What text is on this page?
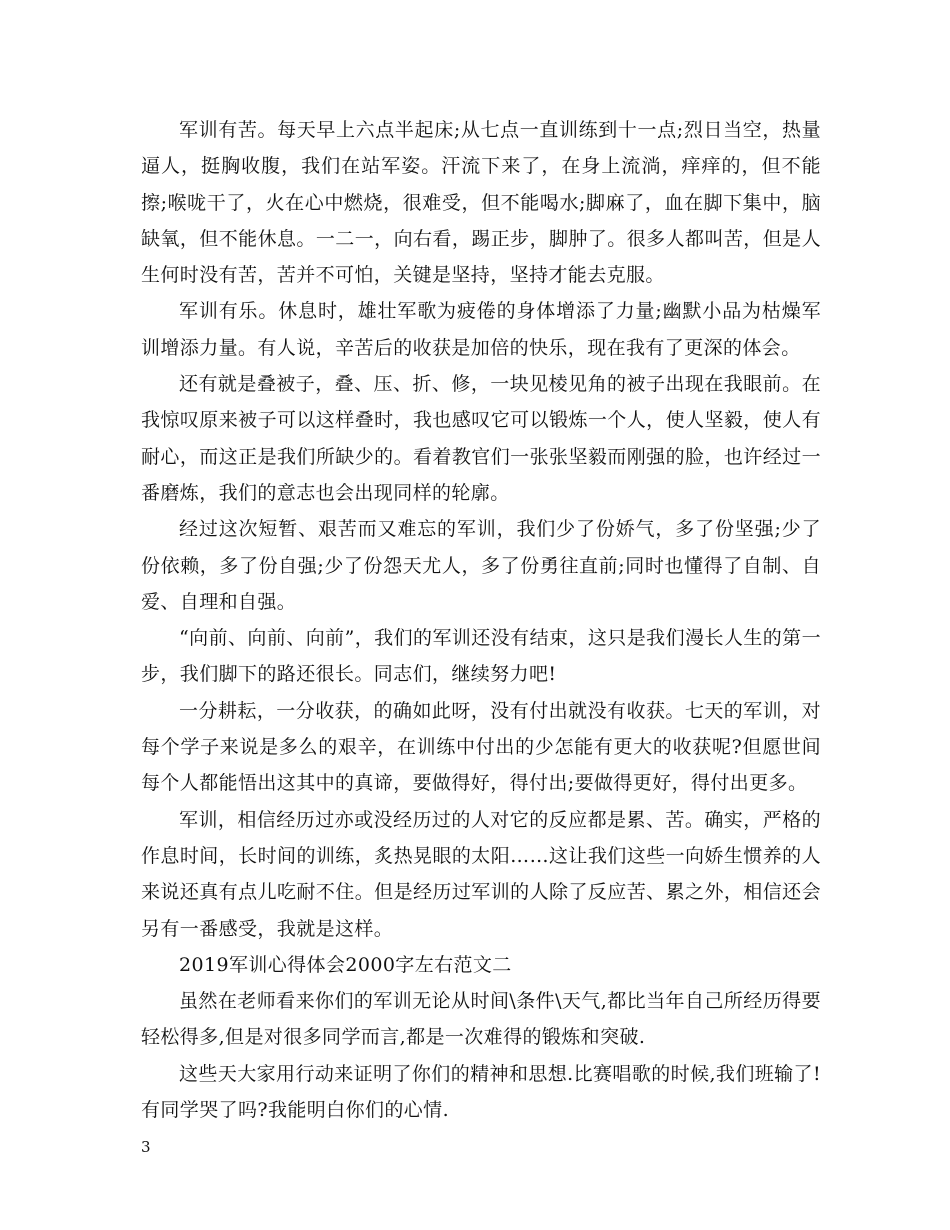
军训有苦。每天早上六点半起床;从七点一直训练到十一点;烈日当空，热量逼人，挺胸收腹，我们在站军姿。汗流下来了，在身上流淌，痒痒的，但不能擦;喉咙干了，火在心中燃烧，很难受，但不能喝水;脚麻了，血在脚下集中，脑缺氧，但不能休息。一二一，向右看，踢正步，脚肿了。很多人都叫苦，但是人生何时没有苦，苦并不可怕，关键是坚持，坚持才能去克服。

军训有乐。休息时，雄壮军歌为疲倦的身体增添了力量;幽默小品为枯燥军训增添力量。有人说，辛苦后的收获是加倍的快乐，现在我有了更深的体会。

还有就是叠被子，叠、压、折、修，一块见棱见角的被子出现在我眼前。在我惊叹原来被子可以这样叠时，我也感叹它可以锻炼一个人，使人坚毅，使人有耐心，而这正是我们所缺少的。看着教官们一张张坚毅而刚强的脸，也许经过一番磨炼，我们的意志也会出现同样的轮廓。

经过这次短暂、艰苦而又难忘的军训，我们少了份娇气，多了份坚强;少了份依赖，多了份自强;少了份怨天尤人，多了份勇往直前;同时也懂得了自制、自爱、自理和自强。

“向前、向前、向前”，我们的军训还没有结束，这只是我们漫长人生的第一步，我们脚下的路还很长。同志们，继续努力吧!

一分耕耘，一分收获，的确如此呀，没有付出就没有收获。七天的军训，对每个学子来说是多么的艰辛，在训练中付出的少怎能有更大的收获呢?但愿世间每个人都能悟出这其中的真谛，要做得好，得付出;要做得更好，得付出更多。

军训，相信经历过亦或没经历过的人对它的反应都是累、苦。确实，严格的作息时间，长时间的训练，炙热晃眼的太阳……这让我们这些一向娇生惯养的人来说还真有点儿吃耐不住。但是经历过军训的人除了反应苦、累之外，相信还会另有一番感受，我就是这样。

2019军训心得体会2000字左右范文二

虽然在老师看来你们的军训无论从时间\条件\天气,都比当年自己所经历得要轻松得多,但是对很多同学而言,都是一次难得的锻炼和突破.

这些天大家用行动来证明了你们的精神和思想.比赛唱歌的时候,我们班输了!有同学哭了吗?我能明白你们的心情.

3
